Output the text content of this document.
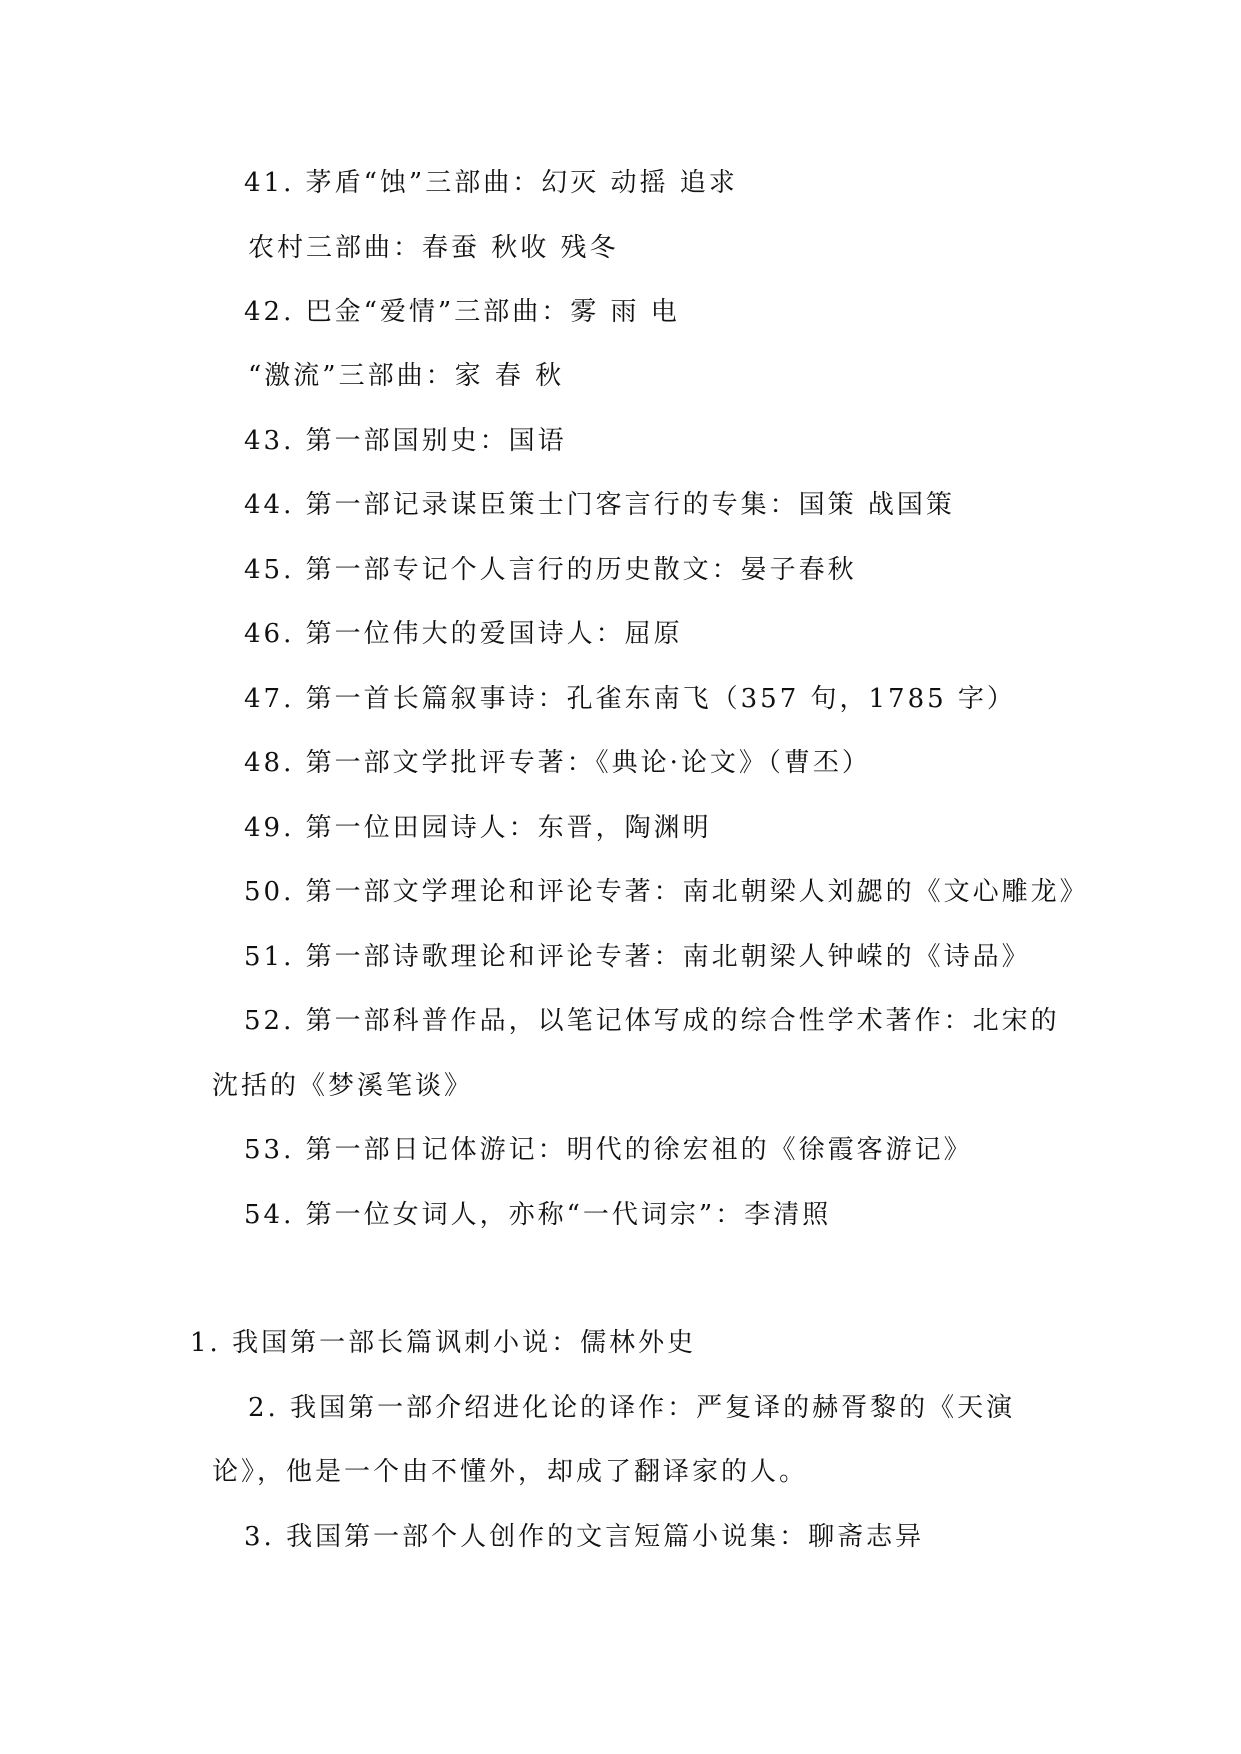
41. 茅盾“蚀”三部曲：幻灭 动摇 追求
农村三部曲：春蚕 秋收 残冬
42. 巴金“爱情”三部曲：雾 雨 电
“激流”三部曲：家 春 秋
43. 第一部国别史：国语
44. 第一部记录谋臣策士门客言行的专集：国策 战国策
45. 第一部专记个人言行的历史散文：晏子春秋
46. 第一位伟大的爱国诗人：屈原
47. 第一首长篇叙事诗：孔雀东南飞（357 句，1785 字）
48. 第一部文学批评专著：《典论·论文》（曹丕）
49. 第一位田园诗人：东晋，陶渊明
50. 第一部文学理论和评论专著：南北朝梁人刘勰的《文心雕龙》
51. 第一部诗歌理论和评论专著：南北朝梁人钟嵘的《诗品》
52. 第一部科普作品，以笔记体写成的综合性学术著作：北宋的
沈括的《梦溪笔谈》
53. 第一部日记体游记：明代的徐宏祖的《徐霞客游记》
54. 第一位女词人，亦称“一代词宗”：李清照
1. 我国第一部长篇讽刺小说：儒林外史
2. 我国第一部介绍进化论的译作：严复译的赫胥黎的《天演
论》，他是一个由不懂外，却成了翻译家的人。
3. 我国第一部个人创作的文言短篇小说集：聊斋志异
